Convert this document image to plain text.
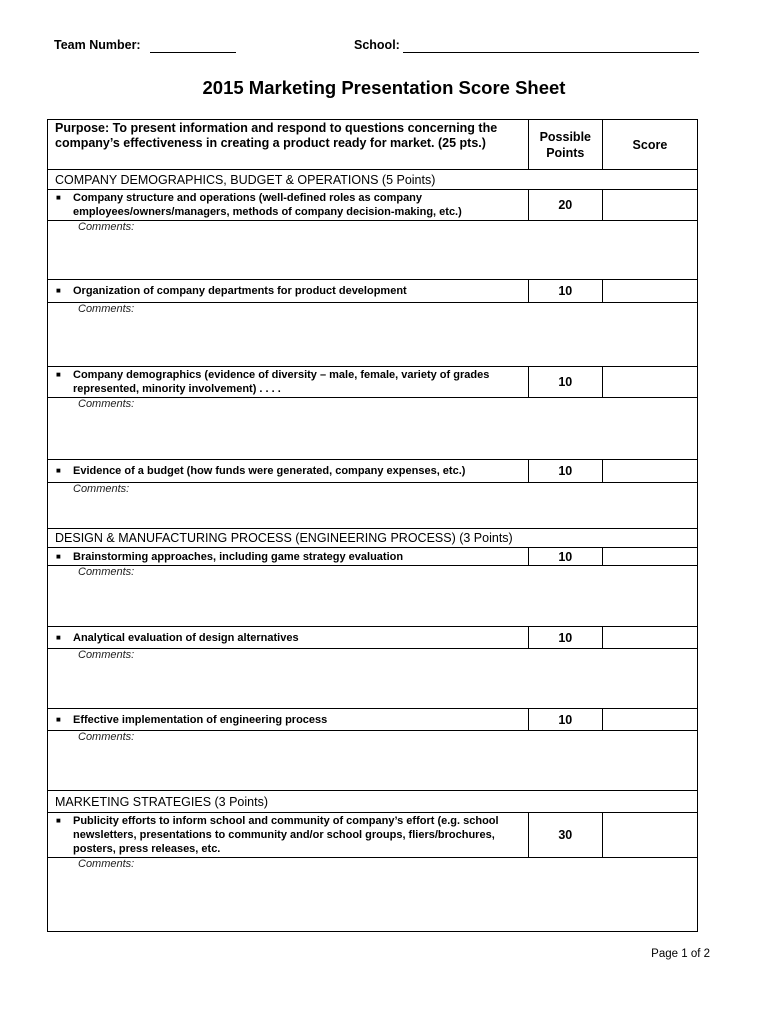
Team Number:	School:
2015 Marketing Presentation Score Sheet
Purpose: To present information and respond to questions concerning the company’s effectiveness in creating a product ready for market. (25 pts.)	Possible Points	Score
COMPANY DEMOGRAPHICS, BUDGET & OPERATIONS (5 Points)		

■ Company structure and operations (well-defined roles as company employees/owners/managers, methods of company decision-making, etc.)	20	
Comments:		

■ Organization of company departments for product development	10	
Comments:		

■ Company demographics (evidence of diversity – male, female, variety of grades represented, minority involvement) . . . .	10	
Comments:		

■ Evidence of a budget (how funds were generated, company expenses, etc.)	10	
Comments:		
DESIGN & MANUFACTURING PROCESS (ENGINEERING PROCESS) (3 Points)		

■ Brainstorming approaches, including game strategy evaluation	10	
Comments:		

■ Analytical evaluation of design alternatives	10	
Comments:		

■ Effective implementation of engineering process	10	
Comments:		
MARKETING STRATEGIES (3 Points)		

■ Publicity efforts to inform school and community of company’s effort (e.g. school newsletters, presentations to community and/or school groups, fliers/brochures, posters, press releases, etc.	30	
Comments:		
Page 1 of 2
